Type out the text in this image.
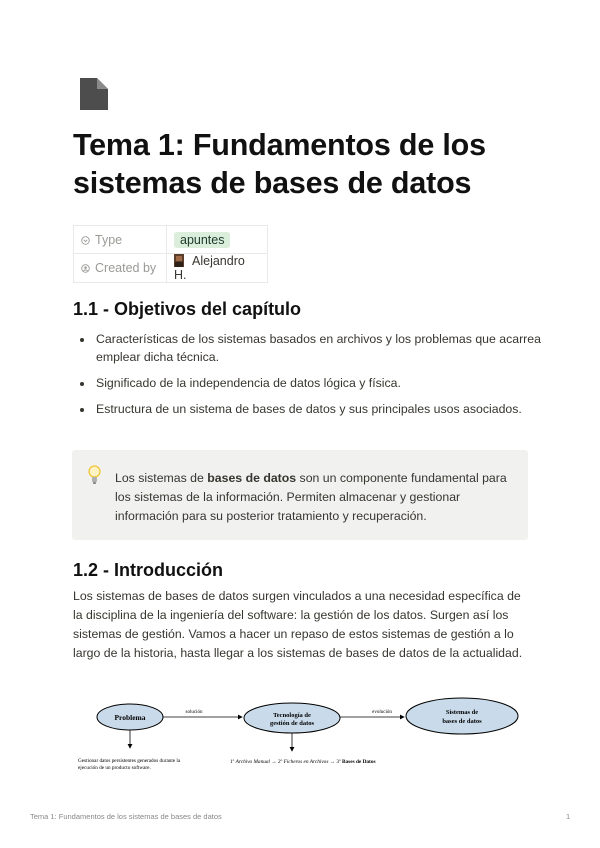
Tema 1: Fundamentos de los sistemas de bases de datos
Type	apuntes
Created by	Alejandro H.
1.1 - Objetivos del capítulo
• Características de los sistemas basados en archivos y los problemas que acarrea emplear dicha técnica.
• Significado de la independencia de datos lógica y física.
• Estructura de un sistema de bases de datos y sus principales usos asociados.

Los sistemas de bases de datos son un componente fundamental para los sistemas de la información. Permiten almacenar y gestionar información para su posterior tratamiento y recuperación.

1.2 - Introducción

Los sistemas de bases de datos surgen vinculados a una necesidad específica de la disciplina de la ingeniería del software: la gestión de los datos. Surgen así los sistemas de gestión. Vamos a hacer un repaso de estos sistemas de gestión a lo largo de la historia, hasta llegar a los sistemas de bases de datos de la actualidad.

Problema	Tecnología de
gestión de datos
Sistemas de
bases de datos
solución	evolución
Gestionar datos persistentes generados durante la
ejecución de un producto software.
1º Archivo Manual → 2º Ficheros en Archivos → 3º Bases de Datos
Tema 1: Fundamentos de los sistemas de bases de datos	1
